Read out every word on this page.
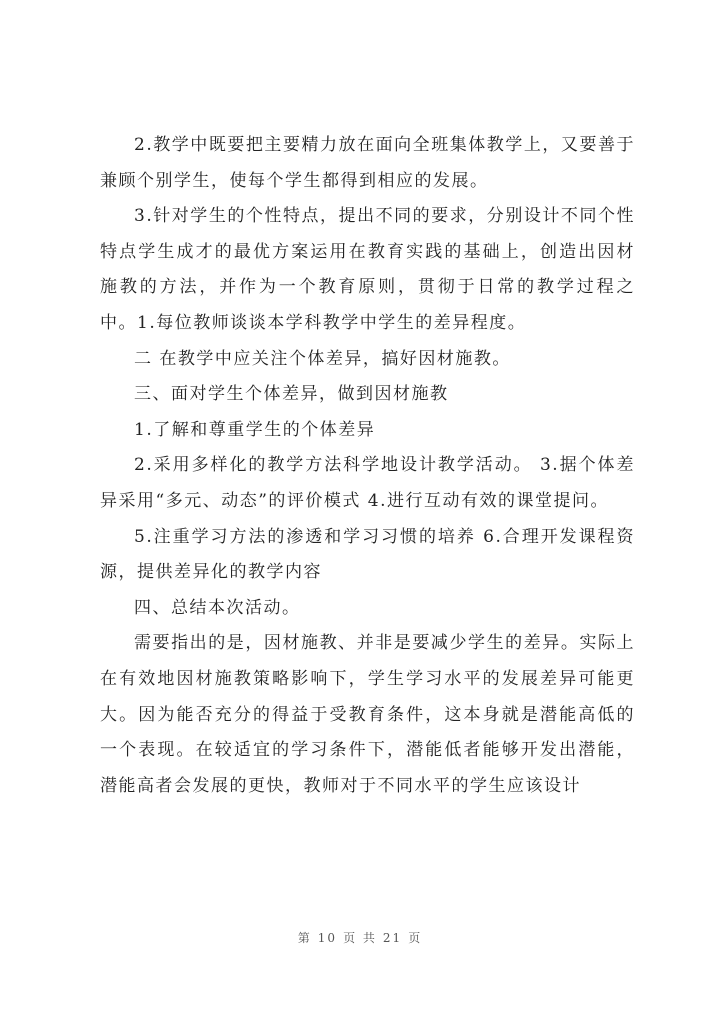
2.教学中既要把主要精力放在面向全班集体教学上，又要善于兼顾个别学生，使每个学生都得到相应的发展。

3.针对学生的个性特点，提出不同的要求，分别设计不同个性特点学生成才的最优方案运用在教育实践的基础上，创造出因材施教的方法，并作为一个教育原则，贯彻于日常的教学过程之中。1.每位教师谈谈本学科教学中学生的差异程度。

二 在教学中应关注个体差异，搞好因材施教。

三、面对学生个体差异，做到因材施教

1.了解和尊重学生的个体差异

2.采用多样化的教学方法科学地设计教学活动。 3.据个体差异采用“多元、动态”的评价模式 4.进行互动有效的课堂提问。

5.注重学习方法的渗透和学习习惯的培养 6.合理开发课程资源，提供差异化的教学内容

四、总结本次活动。

需要指出的是，因材施教、并非是要减少学生的差异。实际上在有效地因材施教策略影响下，学生学习水平的发展差异可能更大。因为能否充分的得益于受教育条件，这本身就是潜能高低的一个表现。在较适宜的学习条件下，潜能低者能够开发出潜能，潜能高者会发展的更快，教师对于不同水平的学生应该设计

第 10 页 共 21 页
